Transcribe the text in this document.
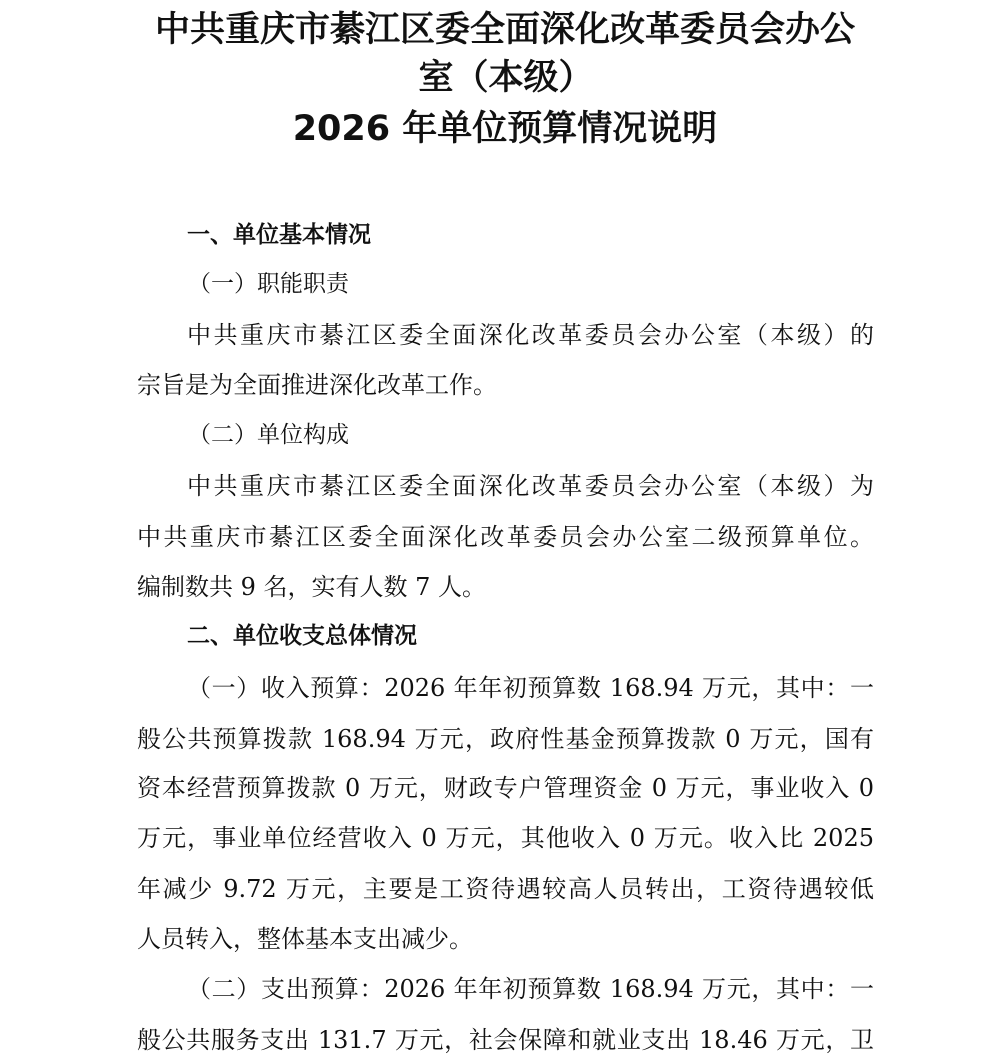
中共重庆市綦江区委全面深化改革委员会办公
室（本级）
2026 年单位预算情况说明
一、单位基本情况
（一）职能职责
中共重庆市綦江区委全面深化改革委员会办公室（本级）的
宗旨是为全面推进深化改革工作。
（二）单位构成
中共重庆市綦江区委全面深化改革委员会办公室（本级）为
中共重庆市綦江区委全面深化改革委员会办公室二级预算单位。
编制数共 9 名，实有人数 7 人。
二、单位收支总体情况
（一）收入预算：2026 年年初预算数 168.94 万元，其中：一
般公共预算拨款 168.94 万元，政府性基金预算拨款 0 万元，国有
资本经营预算拨款 0 万元，财政专户管理资金 0 万元，事业收入 0
万元，事业单位经营收入 0 万元，其他收入 0 万元。收入比 2025
年减少 9.72 万元，主要是工资待遇较高人员转出，工资待遇较低
人员转入，整体基本支出减少。
（二）支出预算：2026 年年初预算数 168.94 万元，其中：一
般公共服务支出 131.7 万元，社会保障和就业支出 18.46 万元，卫
